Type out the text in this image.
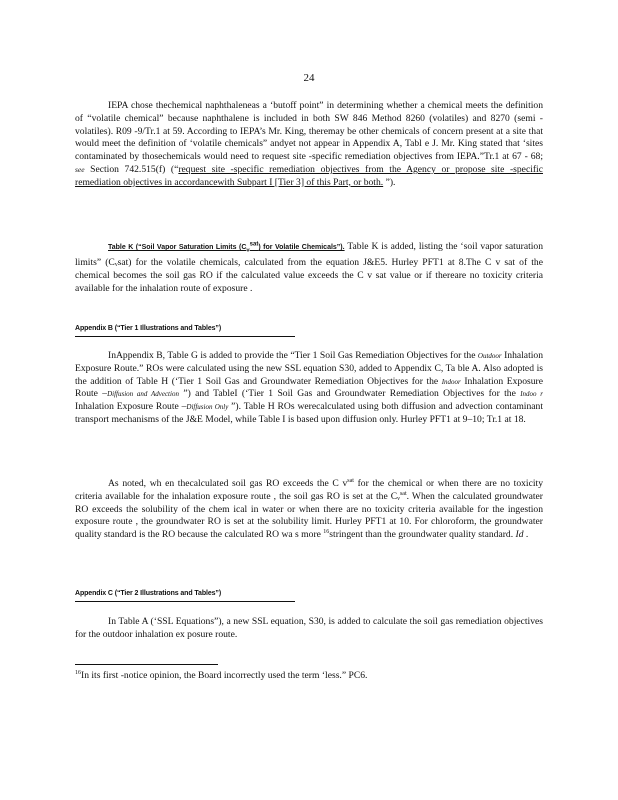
24

IEPA chose thechemical naphthaleneas a ‘butoff point” in determining whether a chemical meets the definition of “volatile chemical” because naphthalene is included in both SW 846 Method 8260 (volatiles) and 8270 (semi -volatiles). R09 -9/Tr.1 at 59. According to IEPA’s Mr. King, theremay be other chemicals of concern present at a site that would meet the definition of ‘volatile chemicals” andyet not appear in Appendix A, Tabl e J. Mr. King stated that ‘sites contaminated by thosechemicals would need to request site -specific remediation objectives from IEPA.”Tr.1 at 67 - 68; see Section 742.515(f) (“request site -specific remediation objectives from the Agency or propose site -specific remediation objectives in accordancewith Subpart I [Tier 3] of this Part, or both. ”).

Table K (“Soil Vapor Saturation Limits $(C_v^{sat})$ for Volatile Chemicals”). Table K is added, listing the ‘soil vapor saturation limits” (Cᵥsat) for the volatile chemicals, calculated from the equation J&E5. Hurley PFT1 at 8.The C v sat of the chemical becomes the soil gas RO if the calculated value exceeds the C v sat value or if thereare no toxicity criteria available for the inhalation route of exposure .

Appendix B (“Tier 1 Illustrations and Tables”)

InAppendix B, Table G is added to provide the “Tier 1 Soil Gas Remediation Objectives for the Outdoor Inhalation Exposure Route.” ROs were calculated using the new SSL equation S30, added to Appendix C, Ta ble A. Also adopted is the addition of Table H (‘Tier 1 Soil Gas and Groundwater Remediation Objectives for the Indoor Inhalation Exposure Route –Diffusion and Advection ”) and TableI (‘Tier 1 Soil Gas and Groundwater Remediation Objectives for the Indoo r Inhalation Exposure Route –Diffusion Only ”). Table H ROs werecalculated using both diffusion and advection contaminant transport mechanisms of the J&E Model, while Table I is based upon diffusion only. Hurley PFT1 at 9–10; Tr.1 at 18.

As noted, wh en thecalculated soil gas RO exceeds the C $v^{sat}$ for the chemical or when there are no toxicity criteria available for the inhalation exposure route , the soil gas RO is set at the Cᵥ$^{sat}$. When the calculated groundwater RO exceeds the solubility of the chem ical in water or when there are no toxicity criteria available for the ingestion exposure route , the groundwater RO is set at the solubility limit. Hurley PFT1 at 10. For chloroform, the groundwater quality standard is the RO because the calculated RO wa s more $^{16}$stringent than the groundwater quality standard. Id .

Appendix C (“Tier 2 Illustrations and Tables”)

In Table A (‘SSL Equations”), a new SSL equation, S30, is added to calculate the soil gas remediation objectives for the outdoor inhalation ex posure route.

$^{16}$In its first -notice opinion, the Board incorrectly used the term ‘less.” PC6.
